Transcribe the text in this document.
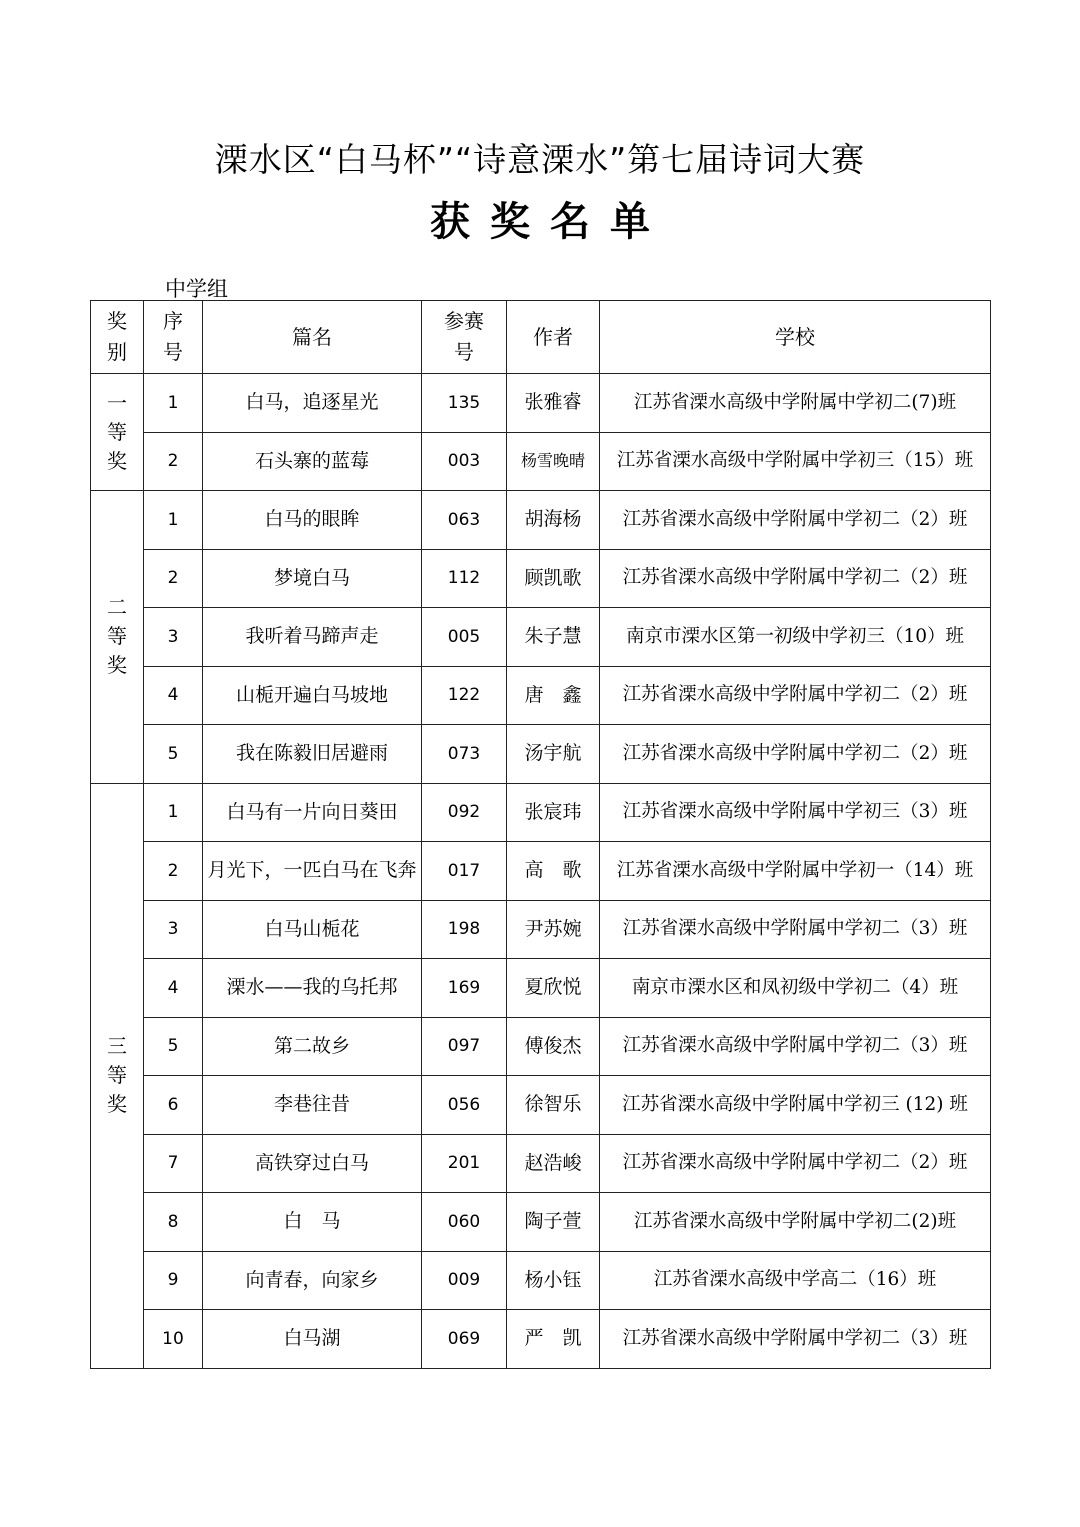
溧水区“白马杯”“诗意溧水”第七届诗词大赛
获奖名单
中学组
奖别	序号	篇名	参赛号	作者	学校
一等奖	1	白马，追逐星光	135	张雅睿	江苏省溧水高级中学附属中学初二(7)班
	2	石头寨的蓝莓	003	杨雪晚晴	江苏省溧水高级中学附属中学初三（15）班
二等奖	1	白马的眼眸	063	胡海杨	江苏省溧水高级中学附属中学初二（2）班
	2	梦境白马	112	顾凯歌	江苏省溧水高级中学附属中学初二（2）班
	3	我听着马蹄声走	005	朱子慧	南京市溧水区第一初级中学初三（10）班
	4	山栀开遍白马坡地	122	唐　鑫	江苏省溧水高级中学附属中学初二（2）班
	5	我在陈毅旧居避雨	073	汤宇航	江苏省溧水高级中学附属中学初二（2）班
三等奖	1	白马有一片向日葵田	092	张宸玮	江苏省溧水高级中学附属中学初三（3）班
	2	月光下，一匹白马在飞奔	017	高　歌	江苏省溧水高级中学附属中学初一（14）班
	3	白马山栀花	198	尹苏婉	江苏省溧水高级中学附属中学初二（3）班
	4	溧水——我的乌托邦	169	夏欣悦	南京市溧水区和凤初级中学初二（4）班
	5	第二故乡	097	傅俊杰	江苏省溧水高级中学附属中学初二（3）班
	6	李巷往昔	056	徐智乐	江苏省溧水高级中学附属中学初三 (12) 班
	7	高铁穿过白马	201	赵浩峻	江苏省溧水高级中学附属中学初二（2）班
	8	白　马	060	陶子萱	江苏省溧水高级中学附属中学初二(2)班
	9	向青春，向家乡	009	杨小钰	江苏省溧水高级中学高二（16）班
	10	白马湖	069	严　凯	江苏省溧水高级中学附属中学初二（3）班
